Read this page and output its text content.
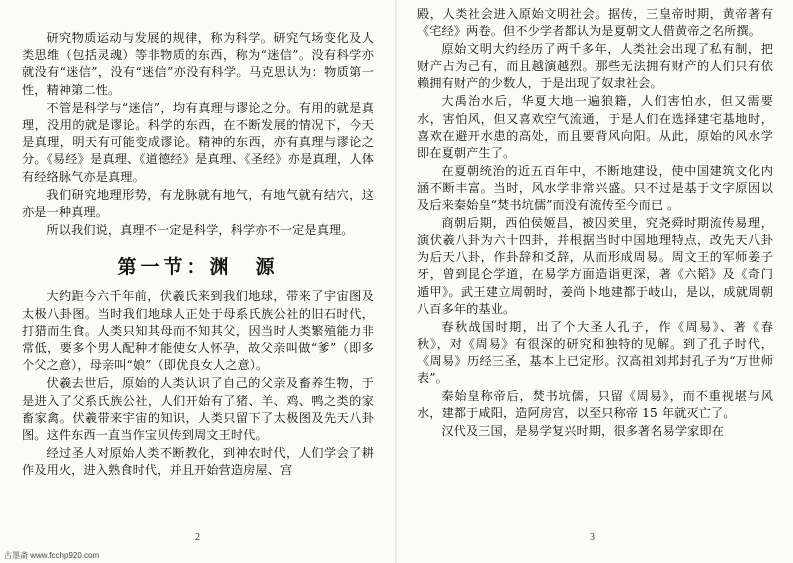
研究物质运动与发展的规律，称为科学。研究气场变化及人类思维（包括灵魂）等非物质的东西，称为“迷信”。没有科学亦就没有“迷信”，没有“迷信”亦没有科学。马克思认为：物质第一性，精神第二性。

不管是科学与“迷信”，均有真理与谬论之分。有用的就是真理，没用的就是谬论。科学的东西，在不断发展的情况下，今天是真理，明天有可能变成谬论。精神的东西，亦有真理与谬论之分。《易经》是真理、《道德经》是真理、《圣经》亦是真理，人体有经络脉气亦是真理。

我们研究地理形势，有龙脉就有地气，有地气就有结穴，这亦是一种真理。

所以我们说，真理不一定是科学，科学亦不一定是真理。

第一节：渊　源

大约距今六千年前，伏羲氏来到我们地球，带来了宇宙图及太极八卦图。当时我们地球人正处于母系氏族公社的旧石时代，打猎而生食。人类只知其母而不知其父，因当时人类繁殖能力非常低，要多个男人配种才能使女人怀孕，故父亲叫做“爹”（即多个父之意），母亲叫“娘”（即优良女人之意）。

伏羲去世后，原始的人类认识了自己的父亲及畜养生物，于是进入了父系氏族公社，人们开始有了猪、羊、鸡、鸭之类的家畜家禽。伏羲带来宇宙的知识，人类只留下了太极图及先天八卦图。这件东西一直当作宝贝传到周文王时代。

经过圣人对原始人类不断教化，到神农时代，人们学会了耕作及用火，进入熟食时代，并且开始营造房屋、宫

2

殿，人类社会进入原始文明社会。据传，三皇帝时期，黄帝著有《宅经》两卷。但不少学者都认为是夏朝文人借黄帝之名所撰。

原始文明大约经历了两千多年，人类社会出现了私有制，把财产占为己有，而且越演越烈。那些无法拥有财产的人们只有依赖拥有财产的少数人，于是出现了奴隶社会。

大禹治水后，华夏大地一遍狼籍，人们害怕水，但又需要水，害怕风，但又喜欢空气流通，于是人们在选择建宅基地时，喜欢在避开水患的高处，而且要背风向阳。从此，原始的风水学即在夏朝产生了。

在夏朝统治的近五百年中，不断地建设，使中国建筑文化内涵不断丰富。当时，风水学非常兴盛。只不过是基于文字原因以及后来秦始皇“焚书坑儒”而没有流传至今而已 。

商朝后期，西伯侯姬昌，被囚羑里，究尧舜时期流传易理，演伏羲八卦为六十四卦，并根据当时中国地理特点，改先天八卦为后天八卦，作卦辞和爻辞，从而形成周易。周文王的军师姜子牙，曾到昆仑学道，在易学方面造诣更深，著《六韬》及《奇门遁甲》。武王建立周朝时，姜尚卜地建都于岐山，是以，成就周朝八百多年的基业。

春秋战国时期，出了个大圣人孔子，作《周易》、著《春秋》，对《周易》有很深的研究和独特的见解。到了孔子时代，《周易》历经三圣，基本上已定形。汉高祖刘邦封孔子为“万世师表”。

秦始皇称帝后，焚书坑儒，只留《周易》，而不重视堪与风水，建都于咸阳，造阿房宫，以至只称帝 15 年就灭亡了。

汉代及三国，是易学复兴时期，很多著名易学家即在

3
古墨斋 www.fcchp920.com
